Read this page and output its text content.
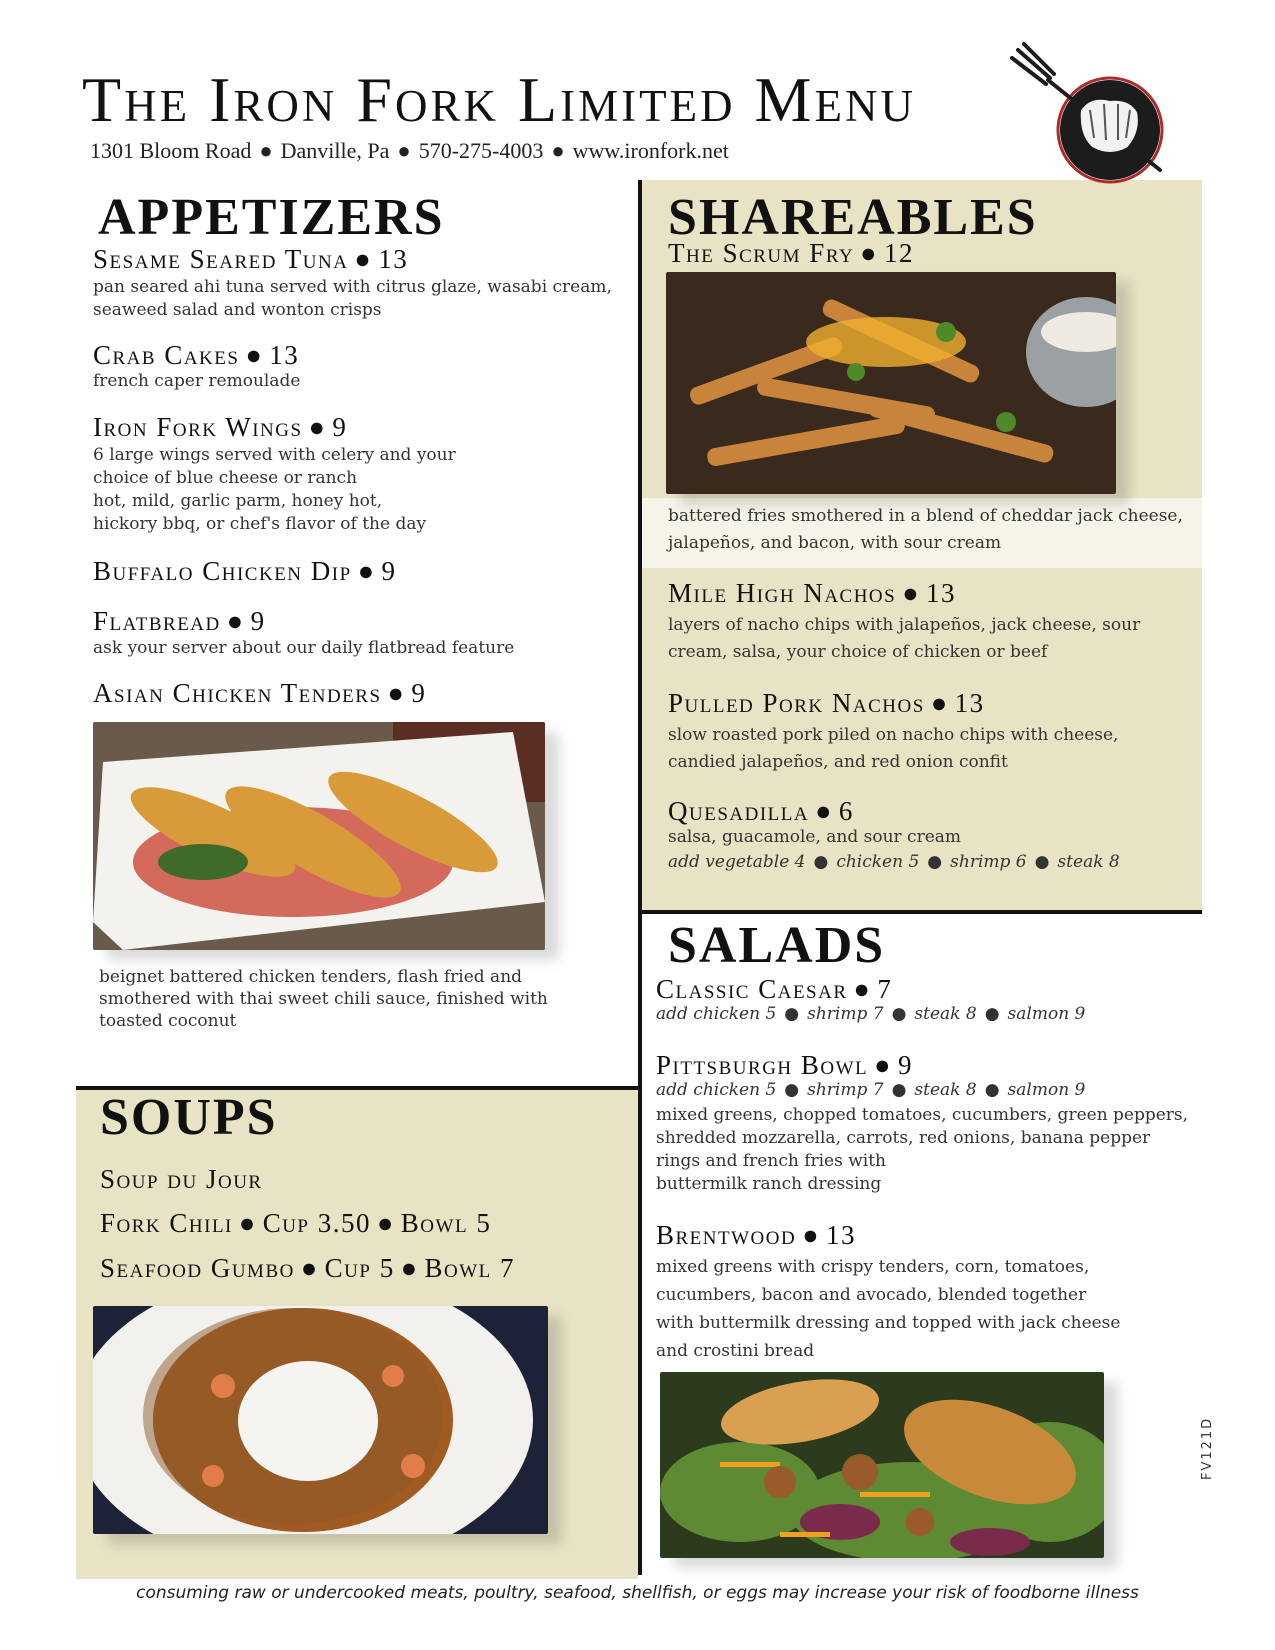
The Iron Fork Limited Menu
1301 Bloom Road ● Danville, Pa ● 570-275-4003 ● www.ironfork.net
APPETIZERS
Sesame Seared Tuna ● 13
pan seared ahi tuna served with citrus glaze, wasabi cream, seaweed salad and wonton crisps
Crab Cakes ● 13
french caper remoulade
Iron Fork Wings ● 9
6 large wings served with celery and your
choice of blue cheese or ranch
hot, mild, garlic parm, honey hot,
hickory bbq, or chef's flavor of the day
Buffalo Chicken Dip ● 9
Flatbread ● 9
ask your server about our daily flatbread feature
Asian Chicken Tenders ● 9
beignet battered chicken tenders, flash fried and smothered with thai sweet chili sauce, finished with toasted coconut
SOUPS
Soup du Jour
Fork Chili ● Cup 3.50 ● Bowl 5
Seafood Gumbo ● Cup 5 ● Bowl 7
SHAREABLES
The Scrum Fry ● 12
battered fries smothered in a blend of cheddar jack cheese, jalapeños, and bacon, with sour cream
Mile High Nachos ● 13
layers of nacho chips with jalapeños, jack cheese, sour cream, salsa, your choice of chicken or beef
Pulled Pork Nachos ● 13
slow roasted pork piled on nacho chips with cheese, candied jalapeños, and red onion confit
Quesadilla ● 6
salsa, guacamole, and sour cream
add vegetable 4 ● chicken 5 ● shrimp 6 ● steak 8
SALADS
Classic Caesar ● 7
add chicken 5 ● shrimp 7 ● steak 8 ● salmon 9
Pittsburgh Bowl ● 9
add chicken 5 ● shrimp 7 ● steak 8 ● salmon 9
mixed greens, chopped tomatoes, cucumbers, green peppers,
shredded mozzarella, carrots, red onions, banana pepper
rings and french fries with
buttermilk ranch dressing
Brentwood ● 13
mixed greens with crispy tenders, corn, tomatoes, cucumbers, bacon and avocado, blended together with buttermilk dressing and topped with jack cheese and crostini bread
consuming raw or undercooked meats, poultry, seafood, shellfish, or eggs may increase your risk of foodborne illness
FV121D
